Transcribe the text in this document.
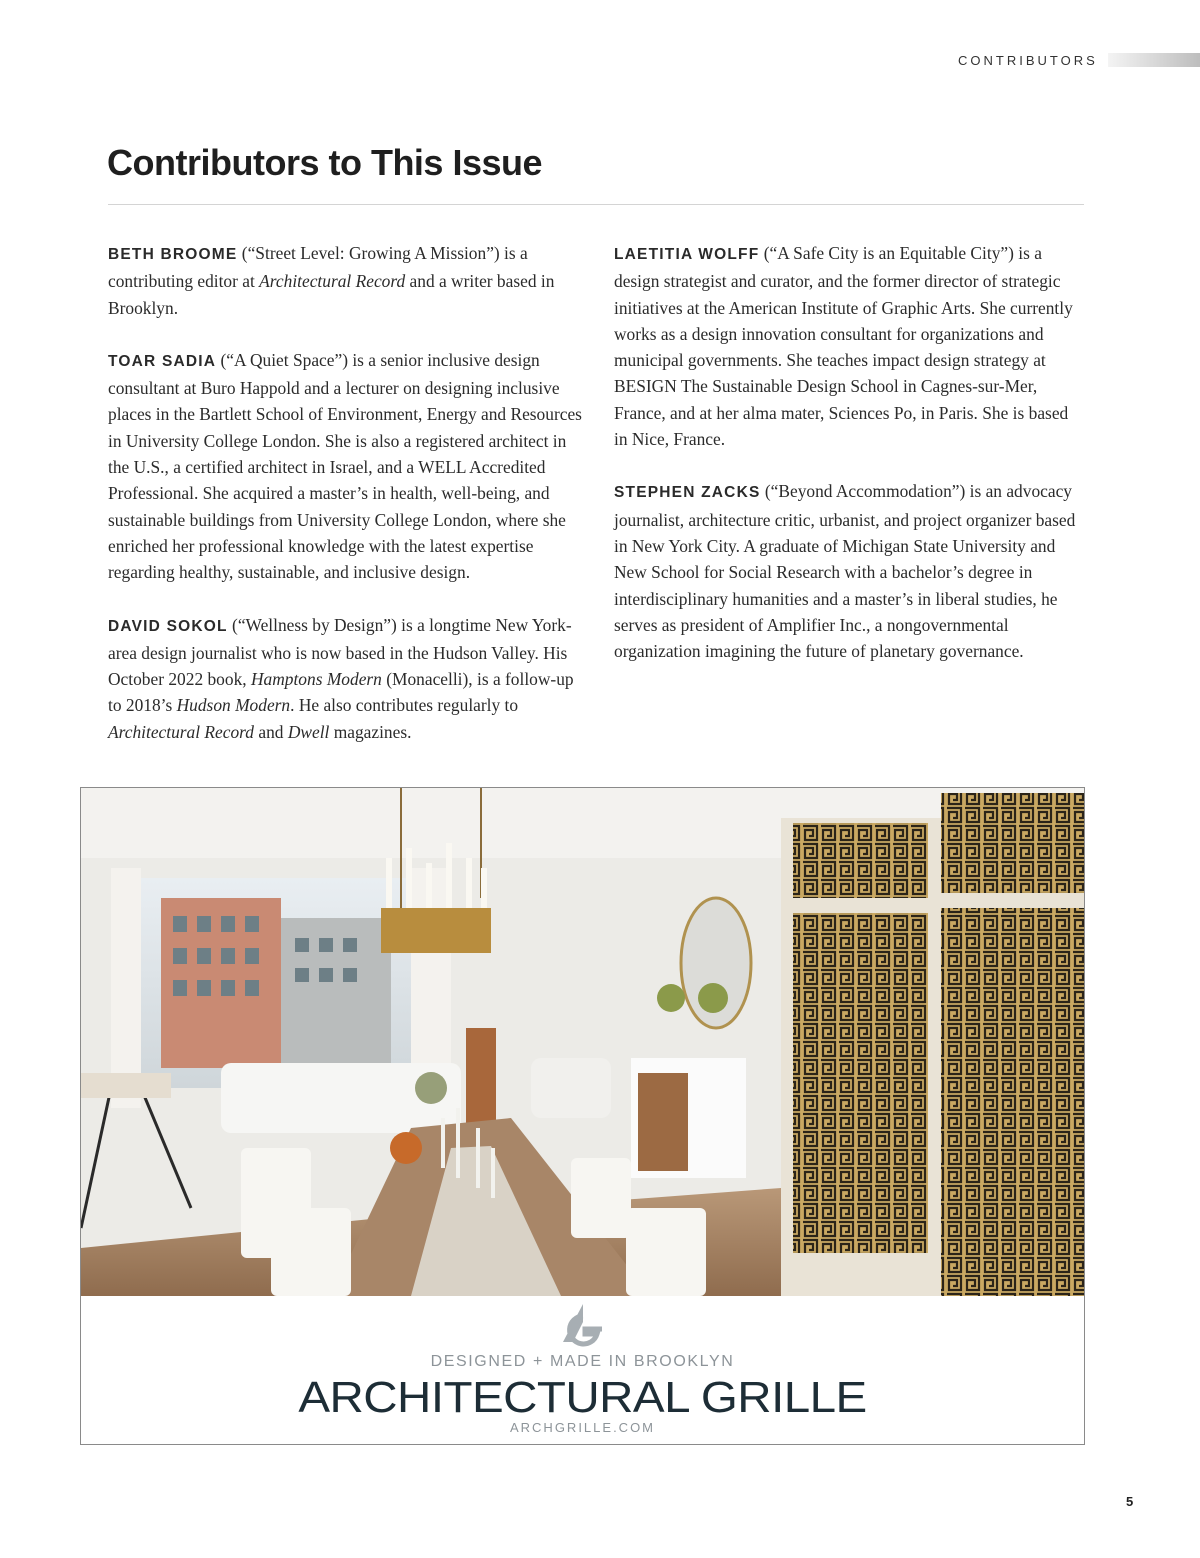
CONTRIBUTORS
Contributors to This Issue

BETH BROOME (“Street Level: Growing A Mission”) is a contributing editor at Architectural Record and a writer based in Brooklyn.

TOAR SADIA (“A Quiet Space”) is a senior inclusive design consultant at Buro Happold and a lecturer on designing inclusive places in the Bartlett School of Environment, Energy and Resources in University College London. She is also a registered architect in the U.S., a certified architect in Israel, and a WELL Accredited Professional. She acquired a master’s in health, well-being, and sustainable buildings from University College London, where she enriched her professional knowledge with the latest expertise regarding healthy, sustainable, and inclusive design.

DAVID SOKOL (“Wellness by Design”) is a longtime New York-area design journalist who is now based in the Hudson Valley. His October 2022 book, Hamptons Modern (Monacelli), is a follow-up to 2018’s Hudson Modern. He also contributes regularly to Architectural Record and Dwell magazines.

LAETITIA WOLFF (“A Safe City is an Equitable City”) is a design strategist and curator, and the former director of strategic initiatives at the American Institute of Graphic Arts. She currently works as a design innovation consultant for organizations and municipal governments. She teaches impact design strategy at BESIGN The Sustainable Design School in Cagnes-sur-Mer, France, and at her alma mater, Sciences Po, in Paris. She is based in Nice, France.

STEPHEN ZACKS (“Beyond Accommodation”) is an advocacy journalist, architecture critic, urbanist, and project organizer based in New York City. A graduate of Michigan State University and New School for Social Research with a bachelor’s degree in interdisciplinary humanities and a master’s in liberal studies, he serves as president of Amplifier Inc., a nongovernmental organization imagining the future of planetary governance.

DESIGNED + MADE IN BROOKLYN
ARCHITECTURAL GRILLE
ARCHGRILLE.COM
5
